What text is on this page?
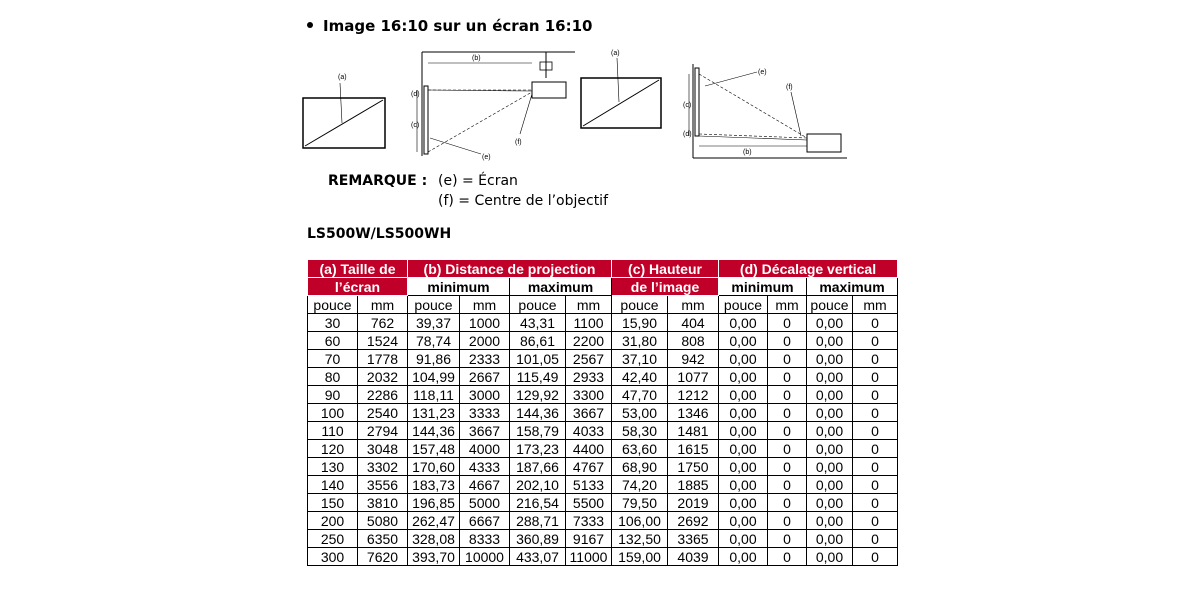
Image 16:10 sur un écran 16:10
(a)
(b)
(d)
(c)
(e)
(f)
(a)
(b)
(c)
(d)
(e)
(f)
REMARQUE : (e) = Écran
(f) = Centre de l’objectif
LS500W/LS500WH
(a) Taille de		(b) Distance de projection				(c) Hauteur		(d) Décalage vertical			
l’écran		minimum		maximum		de l’image		minimum		maximum	
pouce	mm	pouce	mm	pouce	mm	pouce	mm	pouce	mm	pouce	mm
30	762	39,37	1000	43,31	1100	15,90	404	0,00	0	0,00	0
60	1524	78,74	2000	86,61	2200	31,80	808	0,00	0	0,00	0
70	1778	91,86	2333	101,05	2567	37,10	942	0,00	0	0,00	0
80	2032	104,99	2667	115,49	2933	42,40	1077	0,00	0	0,00	0
90	2286	118,11	3000	129,92	3300	47,70	1212	0,00	0	0,00	0
100	2540	131,23	3333	144,36	3667	53,00	1346	0,00	0	0,00	0
110	2794	144,36	3667	158,79	4033	58,30	1481	0,00	0	0,00	0
120	3048	157,48	4000	173,23	4400	63,60	1615	0,00	0	0,00	0
130	3302	170,60	4333	187,66	4767	68,90	1750	0,00	0	0,00	0
140	3556	183,73	4667	202,10	5133	74,20	1885	0,00	0	0,00	0
150	3810	196,85	5000	216,54	5500	79,50	2019	0,00	0	0,00	0
200	5080	262,47	6667	288,71	7333	106,00	2692	0,00	0	0,00	0
250	6350	328,08	8333	360,89	9167	132,50	3365	0,00	0	0,00	0
300	7620	393,70	10000	433,07	11000	159,00	4039	0,00	0	0,00	0
